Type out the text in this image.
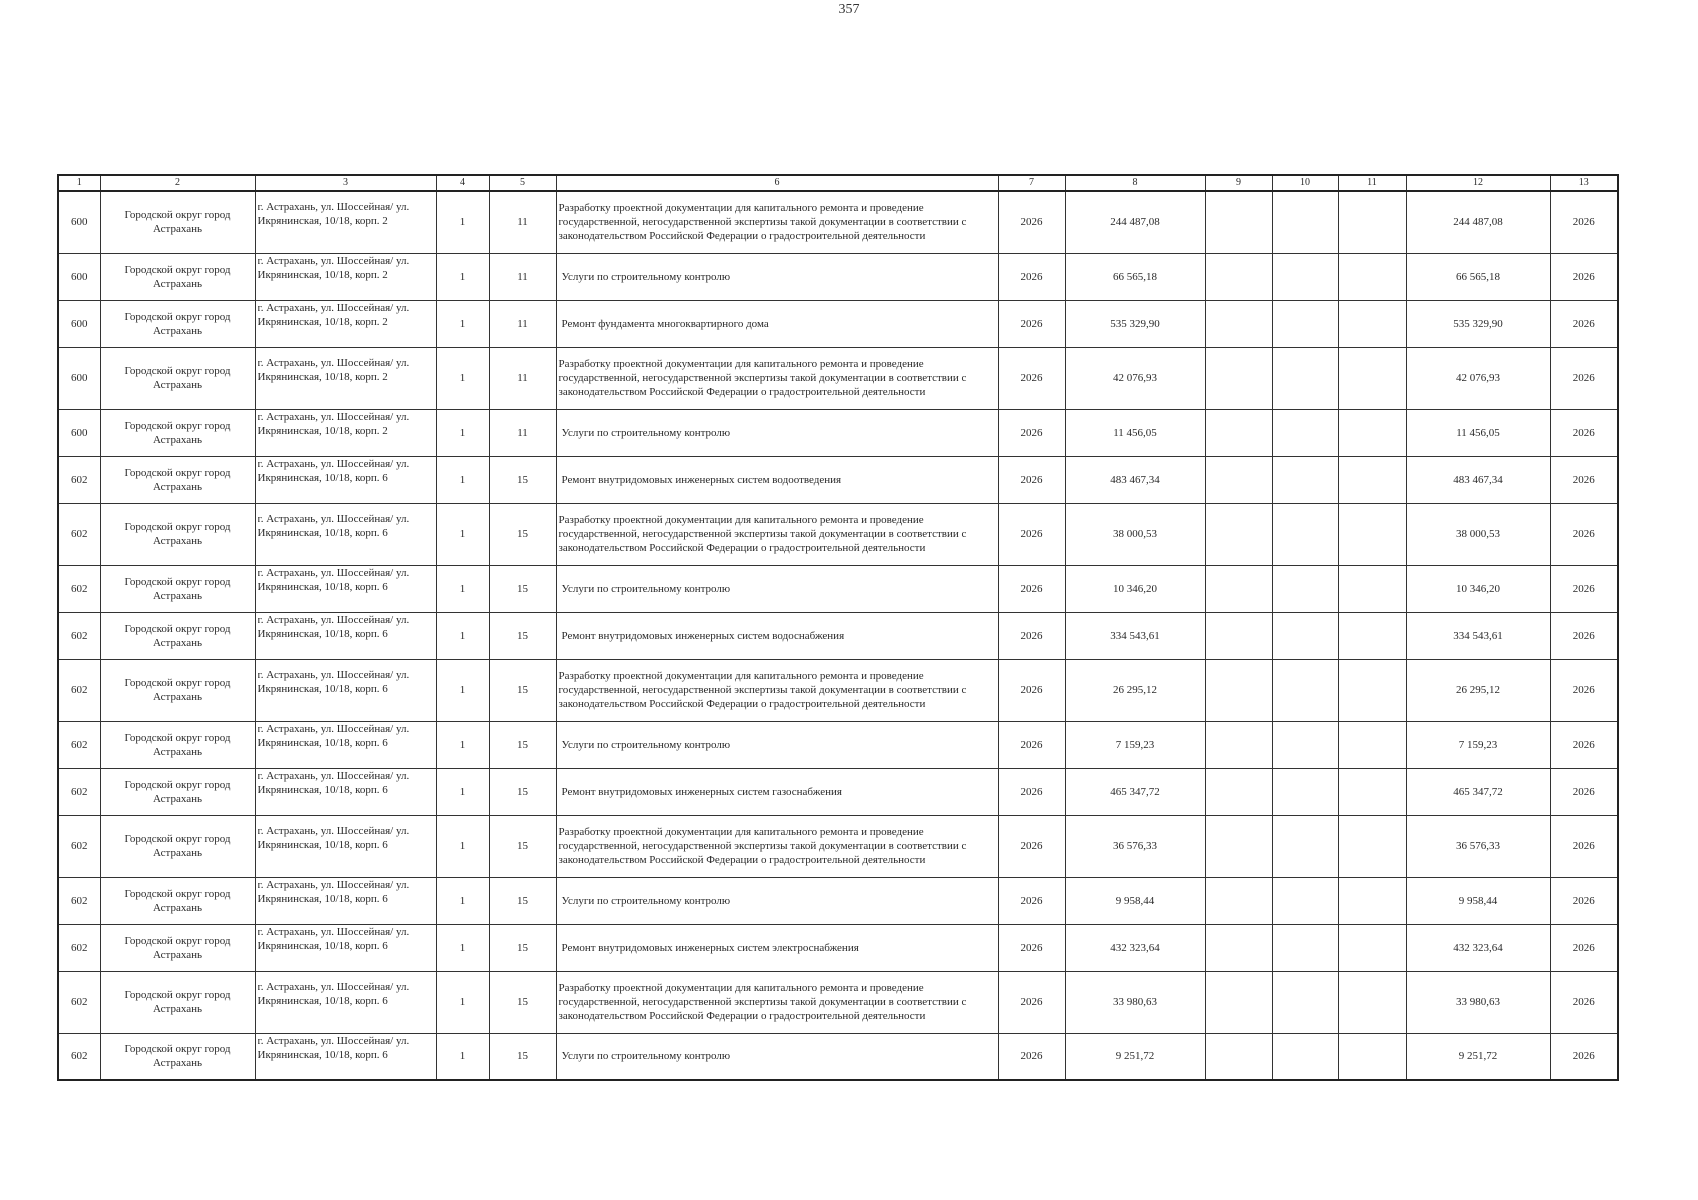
357
1	2	3	4	5	6	7	8	9	10	11	12	13
600	Городской округ город Астрахань	г. Астрахань, ул. Шоссейная/ ул. Икрянинская, 10/18, корп. 2	1	11	Разработку проектной документации для капитального ремонта и проведение государственной, негосударственной экспертизы такой документации в соответствии с законодательством Российской Федерации о градостроительной деятельности	2026	244 487,08				244 487,08	2026
600	Городской округ город Астрахань	г. Астрахань, ул. Шоссейная/ ул. Икрянинская, 10/18, корп. 2	1	11	Услуги по строительному контролю	2026	66 565,18				66 565,18	2026
600	Городской округ город Астрахань	г. Астрахань, ул. Шоссейная/ ул. Икрянинская, 10/18, корп. 2	1	11	Ремонт фундамента многоквартирного дома	2026	535 329,90				535 329,90	2026
600	Городской округ город Астрахань	г. Астрахань, ул. Шоссейная/ ул. Икрянинская, 10/18, корп. 2	1	11	Разработку проектной документации для капитального ремонта и проведение государственной, негосударственной экспертизы такой документации в соответствии с законодательством Российской Федерации о градостроительной деятельности	2026	42 076,93				42 076,93	2026
600	Городской округ город Астрахань	г. Астрахань, ул. Шоссейная/ ул. Икрянинская, 10/18, корп. 2	1	11	Услуги по строительному контролю	2026	11 456,05				11 456,05	2026
602	Городской округ город Астрахань	г. Астрахань, ул. Шоссейная/ ул. Икрянинская, 10/18, корп. 6	1	15	Ремонт внутридомовых инженерных систем водоотведения	2026	483 467,34				483 467,34	2026
602	Городской округ город Астрахань	г. Астрахань, ул. Шоссейная/ ул. Икрянинская, 10/18, корп. 6	1	15	Разработку проектной документации для капитального ремонта и проведение государственной, негосударственной экспертизы такой документации в соответствии с законодательством Российской Федерации о градостроительной деятельности	2026	38 000,53				38 000,53	2026
602	Городской округ город Астрахань	г. Астрахань, ул. Шоссейная/ ул. Икрянинская, 10/18, корп. 6	1	15	Услуги по строительному контролю	2026	10 346,20				10 346,20	2026
602	Городской округ город Астрахань	г. Астрахань, ул. Шоссейная/ ул. Икрянинская, 10/18, корп. 6	1	15	Ремонт внутридомовых инженерных систем водоснабжения	2026	334 543,61				334 543,61	2026
602	Городской округ город Астрахань	г. Астрахань, ул. Шоссейная/ ул. Икрянинская, 10/18, корп. 6	1	15	Разработку проектной документации для капитального ремонта и проведение государственной, негосударственной экспертизы такой документации в соответствии с законодательством Российской Федерации о градостроительной деятельности	2026	26 295,12				26 295,12	2026
602	Городской округ город Астрахань	г. Астрахань, ул. Шоссейная/ ул. Икрянинская, 10/18, корп. 6	1	15	Услуги по строительному контролю	2026	7 159,23				7 159,23	2026
602	Городской округ город Астрахань	г. Астрахань, ул. Шоссейная/ ул. Икрянинская, 10/18, корп. 6	1	15	Ремонт внутридомовых инженерных систем газоснабжения	2026	465 347,72				465 347,72	2026
602	Городской округ город Астрахань	г. Астрахань, ул. Шоссейная/ ул. Икрянинская, 10/18, корп. 6	1	15	Разработку проектной документации для капитального ремонта и проведение государственной, негосударственной экспертизы такой документации в соответствии с законодательством Российской Федерации о градостроительной деятельности	2026	36 576,33				36 576,33	2026
602	Городской округ город Астрахань	г. Астрахань, ул. Шоссейная/ ул. Икрянинская, 10/18, корп. 6	1	15	Услуги по строительному контролю	2026	9 958,44				9 958,44	2026
602	Городской округ город Астрахань	г. Астрахань, ул. Шоссейная/ ул. Икрянинская, 10/18, корп. 6	1	15	Ремонт внутридомовых инженерных систем электроснабжения	2026	432 323,64				432 323,64	2026
602	Городской округ город Астрахань	г. Астрахань, ул. Шоссейная/ ул. Икрянинская, 10/18, корп. 6	1	15	Разработку проектной документации для капитального ремонта и проведение государственной, негосударственной экспертизы такой документации в соответствии с законодательством Российской Федерации о градостроительной деятельности	2026	33 980,63				33 980,63	2026
602	Городской округ город Астрахань	г. Астрахань, ул. Шоссейная/ ул. Икрянинская, 10/18, корп. 6	1	15	Услуги по строительному контролю	2026	9 251,72				9 251,72	2026
